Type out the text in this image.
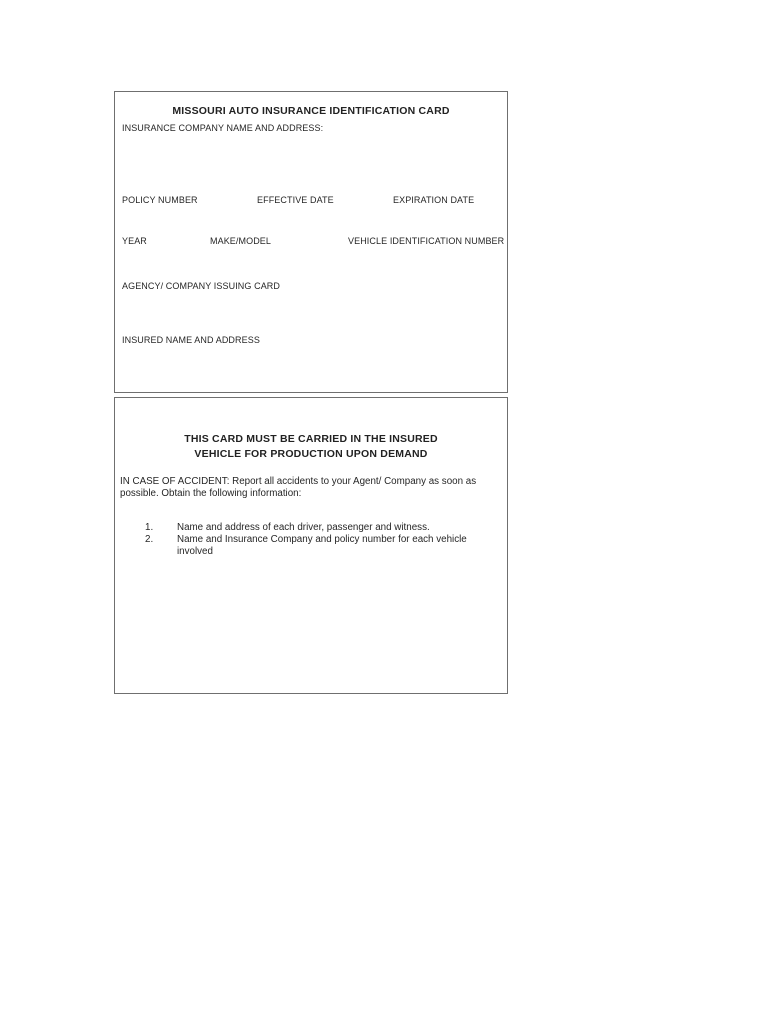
MISSOURI AUTO INSURANCE IDENTIFICATION CARD
INSURANCE COMPANY NAME AND ADDRESS:
POLICY NUMBER	EFFECTIVE DATE	EXPIRATION DATE
YEAR	MAKE/MODEL	VEHICLE IDENTIFICATION NUMBER
AGENCY/ COMPANY ISSUING CARD
INSURED NAME AND ADDRESS
THIS CARD MUST BE CARRIED IN THE INSURED
VEHICLE FOR PRODUCTION UPON DEMAND
IN CASE OF ACCIDENT: Report all accidents to your Agent/ Company as soon as
possible. Obtain the following information:
1. Name and address of each driver, passenger and witness.
2. Name and Insurance Company and policy number for each vehicle
involved
